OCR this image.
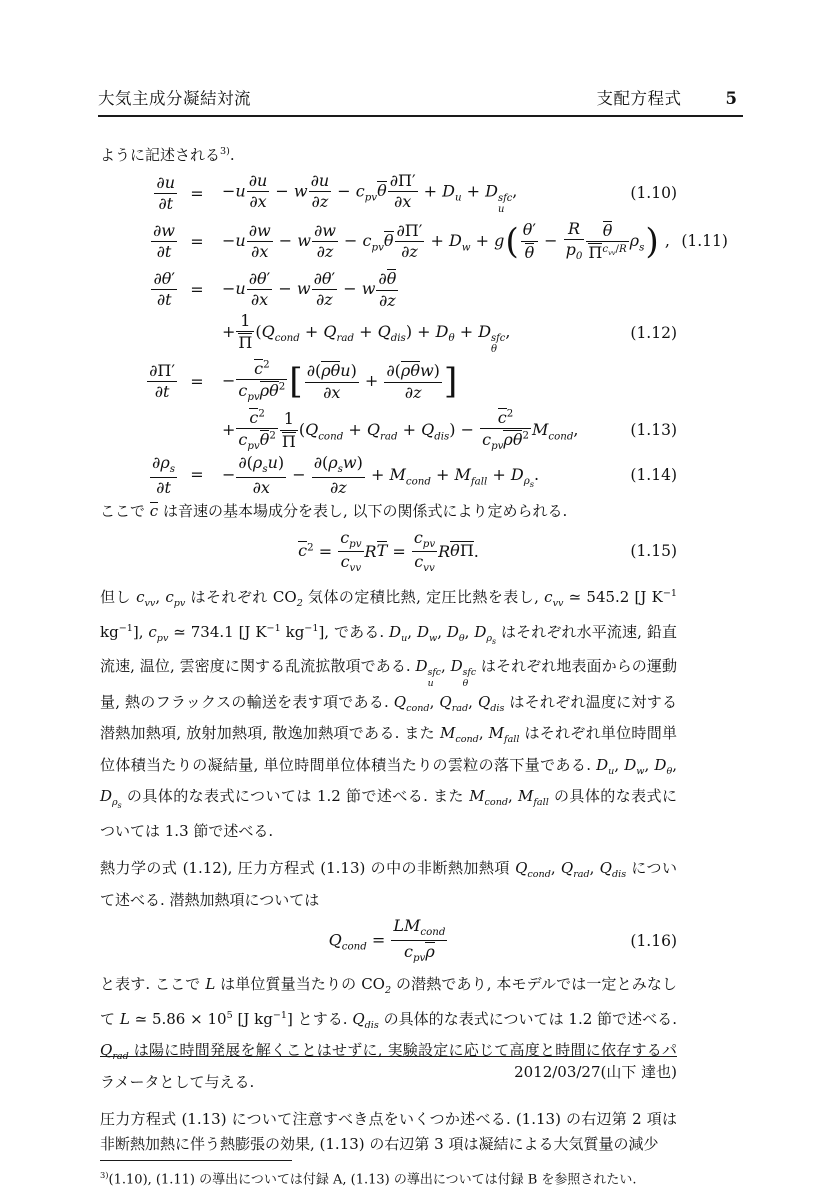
大気主成分凝結対流	支配方程式	5

ように記述される$^{3)}$.

$\frac{\partial u}{\partial t}$ =	$-u \frac{\partial u}{\partial x} - w \frac{\partial u}{\partial z} - c_{pv}\theta \frac{\partial\Pi'}{\partial x} + D_u + D$ sfc
u
,	(1.10)
$\frac{\partial w}{\partial t}$ =	$-u \frac{\partial w}{\partial x} - w \frac{\partial w}{\partial z} - c_{pv}\theta \frac{\partial\Pi'}{\partial z} + D_w + g( \frac{\theta'}{\theta} - \frac{R}{p_0}$	θ
$\Pi^{c_{vv}/R}$ $\rho_s$) , (1.11)
$\frac{\partial\theta'}{\partial t}$ =	$-u \frac{\partial\theta'}{\partial x} - w \frac{\partial\theta'}{\partial z} - w \frac{\partial\theta}{\partial z}$
+ $\frac{1}{\Pi} (Q_{cond} + Q_{rad} + Q_{dis}) + D_\theta + D$ sfc
θ
,	(1.12)
$\frac{\partial\Pi'}{\partial t}$ =	−
$c^2$
$c_{pv}\rho\theta^2$ [ ∂(ρθu)
∂x
+
∂(ρθw)
∂z ]
+
$c^2$
$c_{pv}\theta^2 \frac{1}{\Pi} (Q_{cond} + Q_{rad} + Q_{dis})$ −
$c^2$
$c_{pv}\rho\theta^2$ $M_{cond}$,	(1.13)
$\frac{\partial\rho_s}{\partial t}$ =	−
$\partial(\rho_su)$
∂x
−
$\partial(\rho_sw)$
∂z
+ $M_{cond} + M_{fall} + D_{\rho_s}$.	(1.14)

ここで c は音速の基本場成分を表し, 以下の関係式により定められる.

$c^2$ =
$c_{pv}$
$c_{vv}$
RT =
$c_{pv}$
$c_{vv}$
RθΠ.	(1.15)

但し $c_{vv}$, $c_{pv}$ はそれぞれ $CO_2$ 気体の定積比熱, 定圧比熱を表し, $c_{vv}$ ≃ 545.2 [J $K^{-1}$ $kg^{-1}$], $c_{pv}$ ≃ 734.1 [J $K^{-1}$ $kg^{-1}$], である. $D_u$, $D_w$, $D_\theta$, $D_{\rho_s}$ はそれぞれ水平流速, 鉛直流速, 温位, 雲密度に関する乱流拡散項である. D sfc
u
, D sfc
θ
はそれぞれ地表面からの運動量, 熱のフラックスの輸送を表す項である. $Q_{cond}$, $Q_{rad}$, $Q_{dis}$ はそれぞれ温度に対する潜熱加熱項, 放射加熱項, 散逸加熱項である. また $M_{cond}$, $M_{fall}$ はそれぞれ単位時間単位体積当たりの凝結量, 単位時間単位体積当たりの雲粒の落下量である. $D_u$, $D_w$, $D_\theta$, $D_{\rho_s}$ の具体的な表式については 1.2 節で述べる. また $M_{cond}$, $M_{fall}$ の具体的な表式については 1.3 節で述べる.

熱力学の式 (1.12), 圧力方程式 (1.13) の中の非断熱加熱項 $Q_{cond}$, $Q_{rad}$, $Q_{dis}$ について述べる. 潜熱加熱項については

$Q_{cond}$ =
$LM_{cond}$
$c_{pv}\rho$
(1.16)

と表す. ここで L は単位質量当たりの $CO_2$ の潜熱であり, 本モデルでは一定とみなして L ≃ $5.86 \times 10^5$ [J $kg^{-1}$] とする. $Q_{dis}$ の具体的な表式については 1.2 節で述べる. $Q_{rad}$ は陽に時間発展を解くことはせずに, 実験設定に応じて高度と時間に依存するパラメータとして与える.

圧力方程式 (1.13) について注意すべき点をいくつか述べる. (1.13) の右辺第 2 項は非断熱加熱に伴う熱膨張の効果, (1.13) の右辺第 3 項は凝結による大気質量の減少

$^{3)}$(1.10), (1.11) の導出については付録 A, (1.13) の導出については付録 B を参照されたい.
2012/03/27(山下 達也)
